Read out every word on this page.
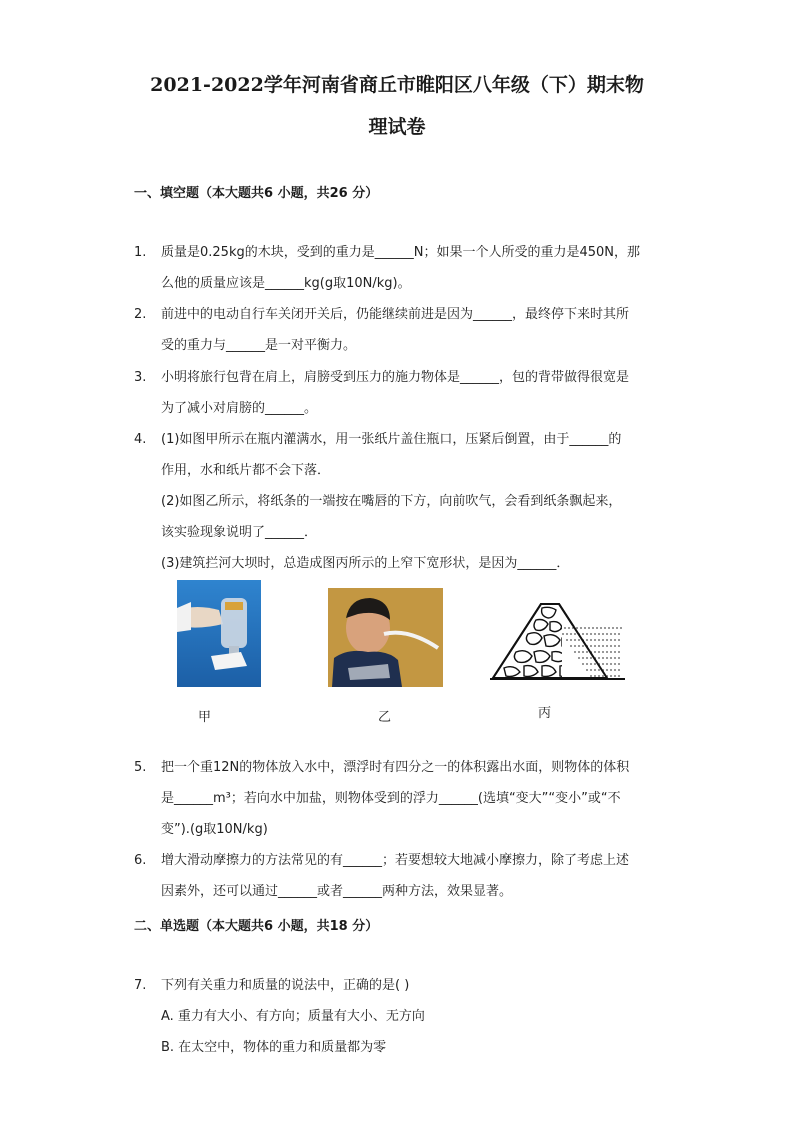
2021-2022学年河南省商丘市睢阳区八年级（下）期末物
理试卷
一、填空题（本大题共6 小题，共26 分）
1. 质量是0.25kg的木块，受到的重力是______N；如果一个人所受的重力是450N，那
么他的质量应该是______kg(g取10N/kg)。
2. 前进中的电动自行车关闭开关后，仍能继续前进是因为______，最终停下来时其所
受的重力与______是一对平衡力。
3. 小明将旅行包背在肩上，肩膀受到压力的施力物体是______，包的背带做得很宽是
为了减小对肩膀的______。
4. (1)如图甲所示在瓶内灌满水，用一张纸片盖住瓶口，压紧后倒置，由于______的
作用，水和纸片都不会下落．
(2)如图乙所示，将纸条的一端按在嘴唇的下方，向前吹气，会看到纸条飘起来，
该实验现象说明了______．
(3)建筑拦河大坝时，总造成图丙所示的上窄下宽形状，是因为______．
甲	乙	丙
5. 把一个重12N的物体放入水中，漂浮时有四分之一的体积露出水面，则物体的体积
是______m³；若向水中加盐，则物体受到的浮力______(选填“变大”“变小”或“不
变”).(g取10N/kg)
6. 增大滑动摩擦力的方法常见的有______；若要想较大地减小摩擦力，除了考虑上述
因素外，还可以通过______或者______两种方法，效果显著。
二、单选题（本大题共6 小题，共18 分）
7. 下列有关重力和质量的说法中，正确的是( )
A. 重力有大小、有方向；质量有大小、无方向
B. 在太空中，物体的重力和质量都为零
